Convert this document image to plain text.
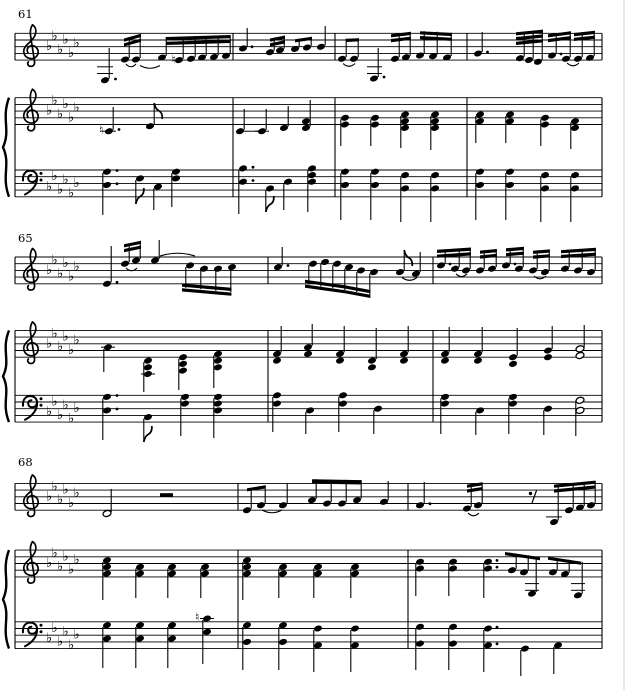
61
♭
♭
♭
♭
♭
♭
♭
♭
♭
♭
♭
♭
♭
♭
♭
♭
♭
♭
♮
♮
65
♭
♭
♭
♭
♭
♭
♭
♭
♭
♭
♭
♭
♭
♭
♭
♭
♭
♭
68
♭
♭
♭
♭
♭
♭
♭
♭
♭
♭
♭
♭
♭
♭
♭
♭
♭
♭
♮
